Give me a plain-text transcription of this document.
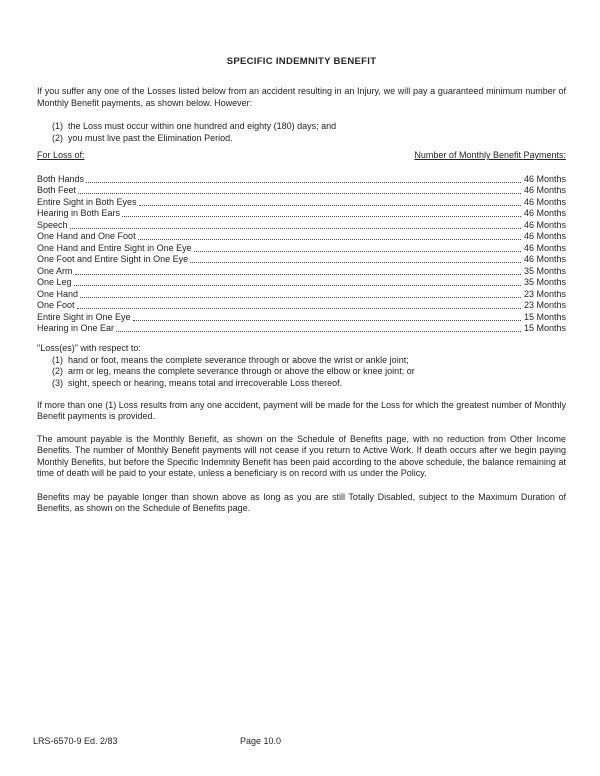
SPECIFIC INDEMNITY BENEFIT

If you suffer any one of the Losses listed below from an accident resulting in an Injury, we will pay a guaranteed minimum number of Monthly Benefit payments, as shown below. However:

(1) the Loss must occur within one hundred and eighty (180) days; and
(2) you must live past the Elimination Period.
For Loss of:	Number of Monthly Benefit Payments:
Both Hands	46 Months
Both Feet	46 Months
Entire Sight in Both Eyes	46 Months
Hearing in Both Ears	46 Months
Speech	46 Months
One Hand and One Foot	46 Months
One Hand and Entire Sight in One Eye	46 Months
One Foot and Entire Sight in One Eye	46 Months
One Arm	35 Months
One Leg	35 Months
One Hand	23 Months
One Foot	23 Months
Entire Sight in One Eye	15 Months
Hearing in One Ear	15 Months

"Loss(es)" with respect to:

(1) hand or foot, means the complete severance through or above the wrist or ankle joint;
(2) arm or leg, means the complete severance through or above the elbow or knee joint; or
(3) sight, speech or hearing, means total and irrecoverable Loss thereof.

If more than one (1) Loss results from any one accident, payment will be made for the Loss for which the greatest number of Monthly Benefit payments is provided.

The amount payable is the Monthly Benefit, as shown on the Schedule of Benefits page, with no reduction from Other Income Benefits. The number of Monthly Benefit payments will not cease if you return to Active Work. If death occurs after we begin paying Monthly Benefits, but before the Specific Indemnity Benefit has been paid according to the above schedule, the balance remaining at time of death will be paid to your estate, unless a beneficiary is on record with us under the Policy.

Benefits may be payable longer than shown above as long as you are still Totally Disabled, subject to the Maximum Duration of Benefits, as shown on the Schedule of Benefits page.

LRS-6570-9 Ed. 2/83	Page 10.0
